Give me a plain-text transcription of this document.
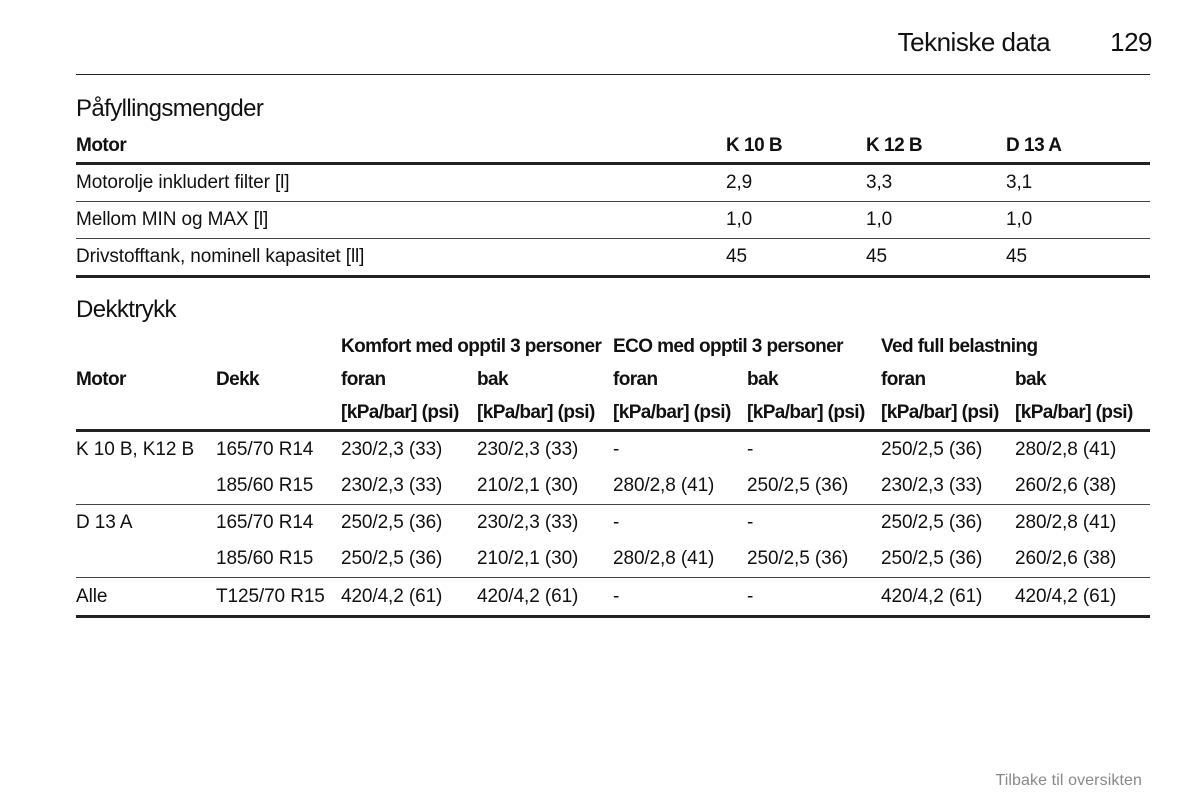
Tekniske data 129
Påfyllingsmengder
Motor	K 10 B	K 12 B	D 13 A
Motorolje inkludert filter [l]	2,9	3,3	3,1
Mellom MIN og MAX [l]	1,0	1,0	1,0
Drivstofftank, nominell kapasitet [ll]	45	45	45
Dekktrykk
		Komfort med opptil 3 personer		ECO med opptil 3 personer		Ved full belastning	
Motor	Dekk	foran	bak	foran	bak	foran	bak
		[kPa/bar] (psi)	[kPa/bar] (psi)	[kPa/bar] (psi)	[kPa/bar] (psi)	[kPa/bar] (psi)	[kPa/bar] (psi)
K 10 B, K12 B	165/70 R14	230/2,3 (33)	230/2,3 (33)	-	-	250/2,5 (36)	280/2,8 (41)
	185/60 R15	230/2,3 (33)	210/2,1 (30)	280/2,8 (41)	250/2,5 (36)	230/2,3 (33)	260/2,6 (38)
D 13 A	165/70 R14	250/2,5 (36)	230/2,3 (33)	-	-	250/2,5 (36)	280/2,8 (41)
	185/60 R15	250/2,5 (36)	210/2,1 (30)	280/2,8 (41)	250/2,5 (36)	250/2,5 (36)	260/2,6 (38)
Alle	T125/70 R15	420/4,2 (61)	420/4,2 (61)	-	-	420/4,2 (61)	420/4,2 (61)
Tilbake til oversikten
